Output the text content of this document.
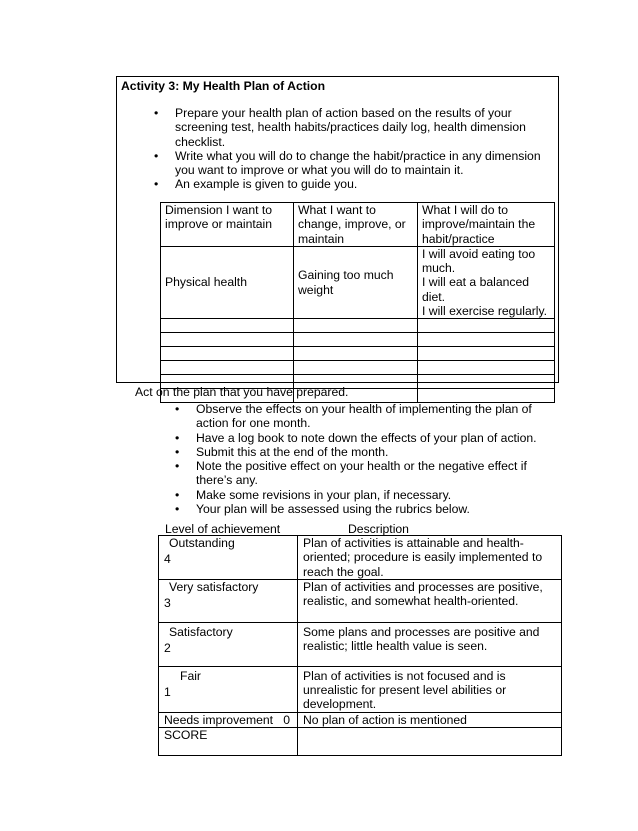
Activity 3: My Health Plan of Action
• Prepare your health plan of action based on the results of your screening test, health habits/practices daily log, health dimension checklist.
• Write what you will do to change the habit/practice in any dimension you want to improve or what you will do to maintain it.
• An example is given to guide you.
Dimension I want to improve or maintain	What I want to change, improve, or maintain	What I will do to improve/maintain the habit/practice
Physical health	Gaining too much weight	I will avoid eating too much.
I will eat a balanced diet.
I will exercise regularly.

Act on the plan that you have prepared.
• Observe the effects on your health of implementing the plan of action for one month.
• Have a log book to note down the effects of your plan of action.
• Submit this at the end of the month.
• Note the positive effect on your health or the negative effect if there’s any.
• Make some revisions in your plan, if necessary.
• Your plan will be assessed using the rubrics below.
Level of achievement	Description
Outstanding
4	Plan of activities is attainable and health-oriented; procedure is easily implemented to reach the goal.

Very satisfactory
3	Plan of activities and processes are positive, realistic, and somewhat health-oriented.

Satisfactory
2	Some plans and processes are positive and realistic; little health value is seen.

Fair
1	Plan of activities is not focused and is unrealistic for present level abilities or development.
Needs improvement   0	No plan of action is mentioned
SCORE	
